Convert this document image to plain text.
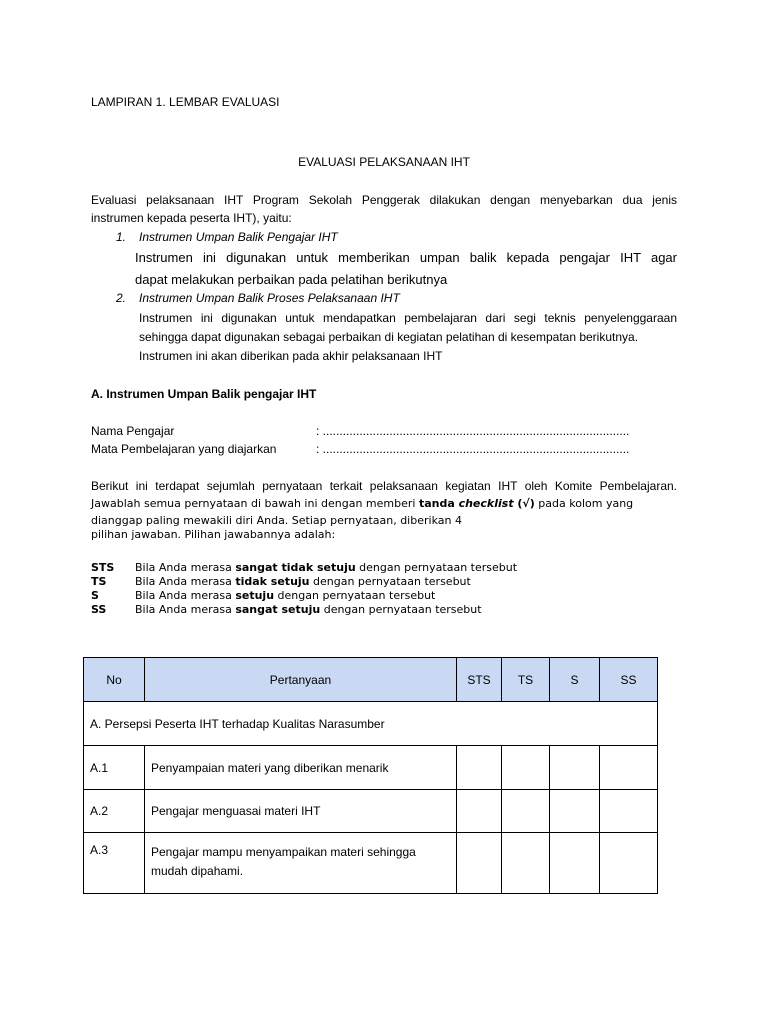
LAMPIRAN 1. LEMBAR EVALUASI
EVALUASI PELAKSANAAN IHT
Evaluasi pelaksanaan IHT Program Sekolah Penggerak dilakukan dengan menyebarkan dua jenis
instrumen kepada peserta IHT), yaitu:
1. Instrumen Umpan Balik Pengajar IHT
Instrumen ini digunakan untuk memberikan umpan balik kepada pengajar IHT agar
dapat melakukan perbaikan pada pelatihan berikutnya
2. Instrumen Umpan Balik Proses Pelaksanaan IHT
Instrumen ini digunakan untuk mendapatkan pembelajaran dari segi teknis penyelenggaraan
sehingga dapat digunakan sebagai perbaikan di kegiatan pelatihan di kesempatan berikutnya.
Instrumen ini akan diberikan pada akhir pelaksanaan IHT
A. Instrumen Umpan Balik pengajar IHT
Nama Pengajar	: ............................................................................................
Mata Pembelajaran yang diajarkan	: ............................................................................................
Berikut ini terdapat sejumlah pernyataan terkait pelaksanaan kegiatan IHT oleh Komite Pembelajaran.
Jawablah semua pernyataan di bawah ini dengan memberi tanda checklist (√) pada kolom yang
dianggap paling mewakili diri Anda. Setiap pernyataan, diberikan 4
pilihan jawaban. Pilihan jawabannya adalah:
STS Bila Anda merasa sangat tidak setuju dengan pernyataan tersebut
TS	Bila Anda merasa tidak setuju dengan pernyataan tersebut
S	Bila Anda merasa setuju dengan pernyataan tersebut
SS	Bila Anda merasa sangat setuju dengan pernyataan tersebut
No	Pertanyaan	STS	TS	S	SS
A. Persepsi Peserta IHT terhadap Kualitas Narasumber					
A.1	Penyampaian materi yang diberikan menarik				
A.2	Pengajar menguasai materi IHT				
A.3	Pengajar mampu menyampaikan materi sehingga
mudah dipahami.				
